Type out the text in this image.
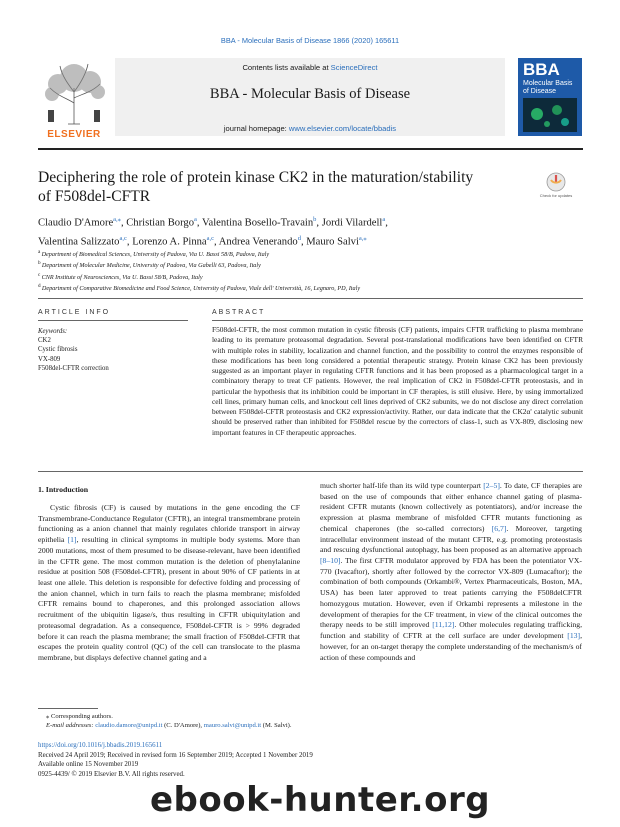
BBA - Molecular Basis of Disease 1866 (2020) 165611
ELSEVIER
Contents lists available at ScienceDirect
BBA - Molecular Basis of Disease
journal homepage: www.elsevier.com/locate/bbadis
BBA
Molecular Basis of Disease
Deciphering the role of protein kinase CK2 in the maturation/stability of F508del-CFTR	Check for updates
Claudio D'Amore$^{a,⁎}$, Christian Borgo$^a$, Valentina Bosello-Travain$^b$, Jordi Vilardell$^a$,
Valentina Salizzato$^{a,c}$, Lorenzo A. Pinna$^{a,c}$, Andrea Venerando$^d$, Mauro Salvi$^{a,⁎}$
$^a$ Department of Biomedical Sciences, University of Padova, Via U. Bassi 58/B, Padova, Italy
$^b$ Department of Molecular Medicine, University of Padova, Via Gabelli 63, Padova, Italy
$^c$ CNR Institute of Neurosciences, Via U. Bassi 58/B, Padova, Italy
$^d$ Department of Comparative Biomedicine and Food Science, University of Padova, Viale dell' Università, 16, Legnaro, PD, Italy
ARTICLE INFO	ABSTRACT
Keywords:
CK2
Cystic fibrosis
VX-809
F508del-CFTR correction
F508del-CFTR, the most common mutation in cystic fibrosis (CF) patients, impairs CFTR trafficking to plasma membrane leading to its premature proteasomal degradation. Several post-translational modifications have been identified on CFTR with multiple roles in stability, localization and channel function, and the possibility to control the enzymes responsible of these modifications has been long considered a potential therapeutic strategy. Protein kinase CK2 has been previously suggested as an important player in regulating CFTR functions and it has been proposed as a pharmacological target in a combinatory therapy to treat CF patients. However, the real implication of CK2 in F508del-CFTR proteostasis, and in particular the hypothesis that its inhibition could be important in CF therapies, is still elusive. Here, by using immortalized cell lines, primary human cells, and knockout cell lines deprived of CK2 subunits, we do not disclose any direct correlation between F508del-CFTR proteostasis and CK2 expression/activity. Rather, our data indicate that the CK2α' catalytic subunit should be preserved rather than inhibited for F508del rescue by the correctors of class-1, such as VX-809, disclosing new important features in CF therapeutic approaches.
1. Introduction

Cystic fibrosis (CF) is caused by mutations in the gene encoding the CF Transmembrane-Conductance Regulator (CFTR), an integral transmembrane protein functioning as a anion channel that mainly regulates chloride transport in airway epithelia [1], resulting in clinical symptoms in multiple body systems. More than 2000 mutations, most of them presumed to be disease-relevant, have been identified in the CFTR gene. The most common mutation is the deletion of phenylalanine residue at position 508 (F508del-CFTR), present in about 90% of CF patients in at least one allele. This deletion is responsible for defective folding and processing of the anion channel, which in turn fails to reach the plasma membrane; misfolded CFTR remains bound to chaperones, and this prolonged association allows recruitment of the ubiquitin ligase/s, thus resulting in CFTR ubiquitylation and proteasomal degradation. As a consequence, F508del-CFTR is > 99% degraded before it can reach the plasma membrane; the small fraction of F508del-CFTR that escapes the protein quality control (QC) of the cell can translocate to the plasma membrane, but displays defective channel gating and a

much shorter half-life than its wild type counterpart [2–5]. To date, CF therapies are based on the use of compounds that either enhance channel gating of plasma-resident CFTR mutants (known collectively as potentiators), and/or increase the expression at plasma membrane of misfolded CFTR mutants functioning as chemical chaperones (the so-called correctors) [6,7]. Moreover, targeting intracellular environment instead of the mutant CFTR, e.g. promoting proteostasis and rescuing dysfunctional autophagy, has been proposed as an alternative approach [8–10]. The first CFTR modulator approved by FDA has been the potentiator VX-770 (Ivacaftor), shortly after followed by the corrector VX-809 (Lumacaftor); the combination of both compounds (Orkambi®, Vertex Pharmaceuticals, Boston, MA, USA) has been later approved to treat patients carrying the F508delCFTR homozygous mutation. However, even if Orkambi represents a milestone in the development of therapies for the CF treatment, in view of the clinical outcomes the therapy needs to be still improved [11,12]. Other molecules regulating trafficking, function and stability of CFTR at the cell surface are under development [13], however, for an on-target therapy the complete understanding of the mechanism/s of action of these compounds and

⁎ Corresponding authors.
E-mail addresses: claudio.damore@unipd.it (C. D'Amore), mauro.salvi@unipd.it (M. Salvi).
https://doi.org/10.1016/j.bbadis.2019.165611
Received 24 April 2019; Received in revised form 16 September 2019; Accepted 1 November 2019
Available online 15 November 2019
0925-4439/ © 2019 Elsevier B.V. All rights reserved.
ebook-hunter.org
